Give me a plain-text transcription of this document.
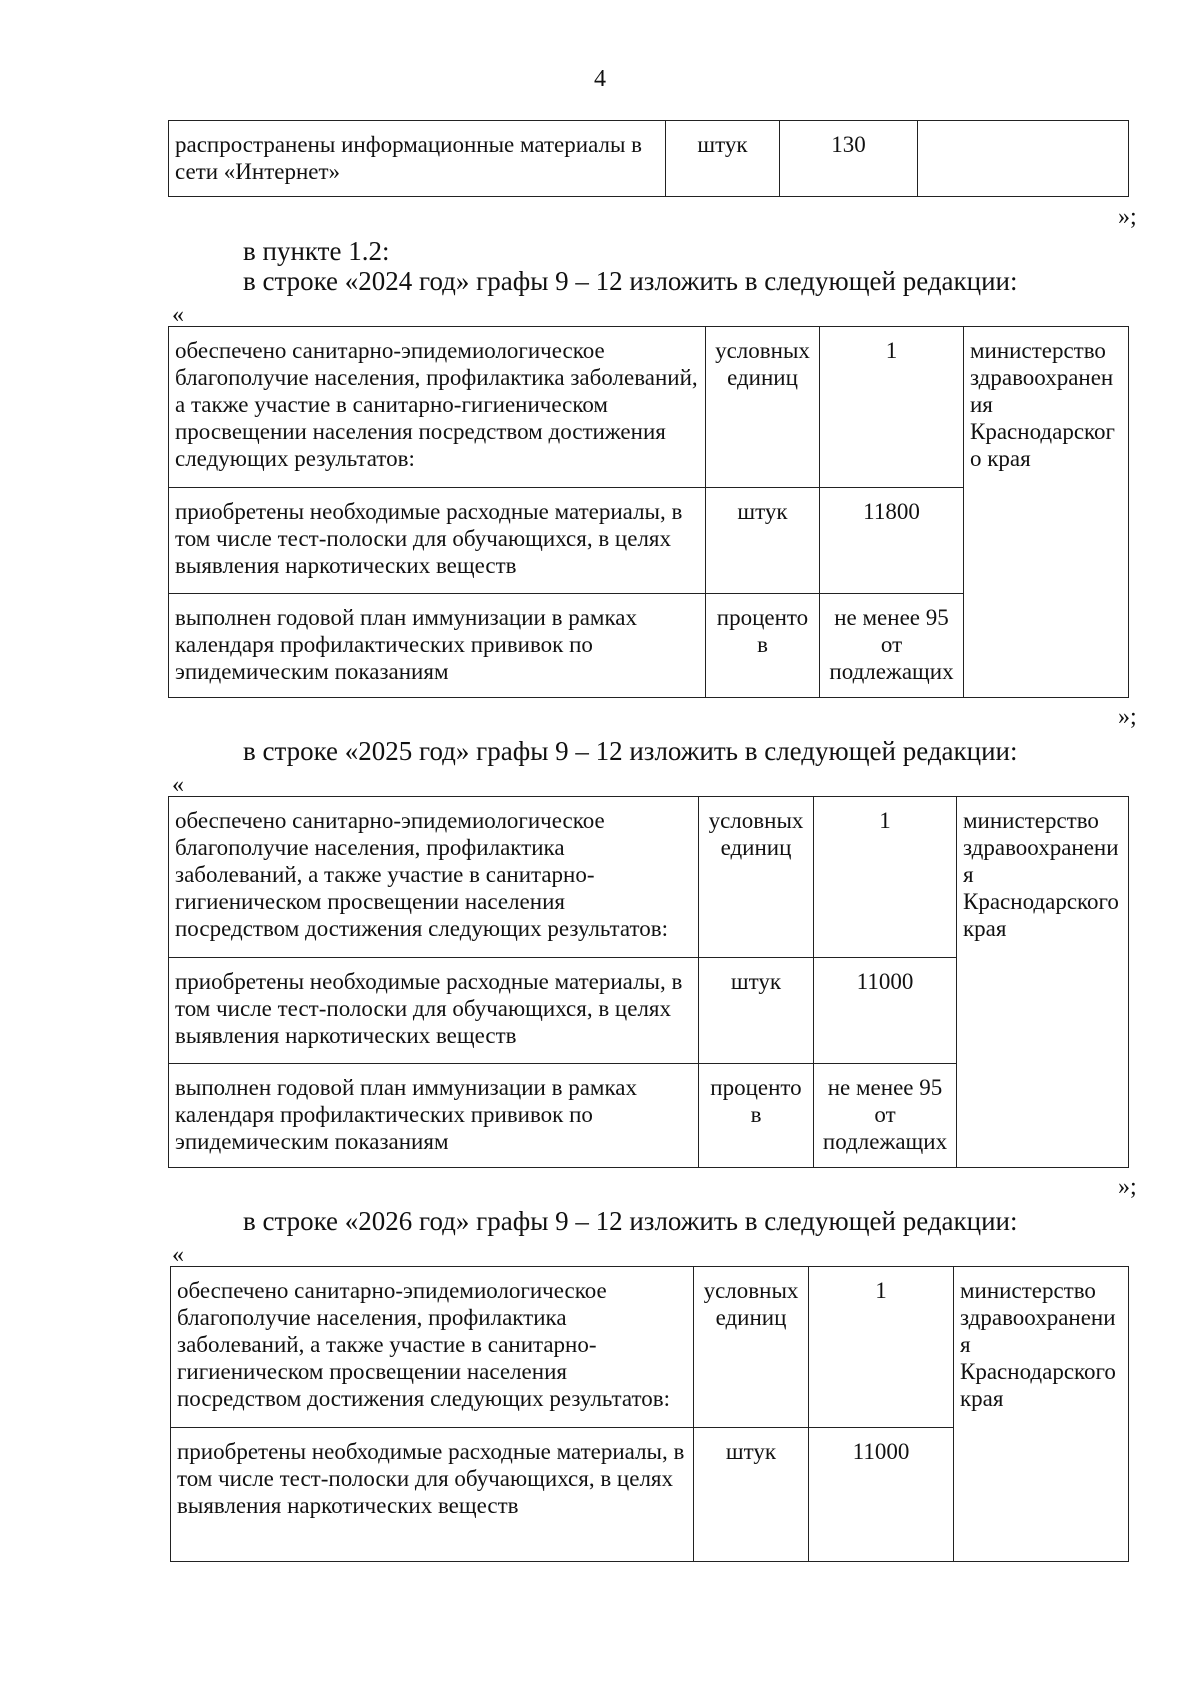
4
распространены информационные материалы в сети «Интернет»	штук	130	
»;
в пункте 1.2:
в строке «2024 год» графы 9 – 12 изложить в следующей редакции:
«
обеспечено санитарно-эпидемиологическое благополучие населения, профилактика заболеваний, а также участие в санитарно-гигиеническом просвещении населения посредством достижения следующих результатов:	условных единиц	1	министерство здравоохранения Краснодарского края
приобретены необходимые расходные материалы, в том числе тест-полоски для обучающихся, в целях выявления наркотических веществ	штук	11800	
выполнен годовой план иммунизации в рамках календаря профилактических прививок по эпидемическим показаниям	процентов	не менее 95 от подлежащих	
»;
в строке «2025 год» графы 9 – 12 изложить в следующей редакции:
«
обеспечено санитарно-эпидемиологическое благополучие населения, профилактика заболеваний, а также участие в санитарно-гигиеническом просвещении населения посредством достижения следующих результатов:	условных единиц	1	министерство здравоохранения Краснодарского края
приобретены необходимые расходные материалы, в том числе тест-полоски для обучающихся, в целях выявления наркотических веществ	штук	11000	
выполнен годовой план иммунизации в рамках календаря профилактических прививок по эпидемическим показаниям	процентов	не менее 95 от подлежащих	
»;
в строке «2026 год» графы 9 – 12 изложить в следующей редакции:
«
обеспечено санитарно-эпидемиологическое благополучие населения, профилактика заболеваний, а также участие в санитарно-гигиеническом просвещении населения посредством достижения следующих результатов:	условных единиц	1	министерство здравоохранения Краснодарского края
приобретены необходимые расходные материалы, в том числе тест-полоски для обучающихся, в целях выявления наркотических веществ	штук	11000	
